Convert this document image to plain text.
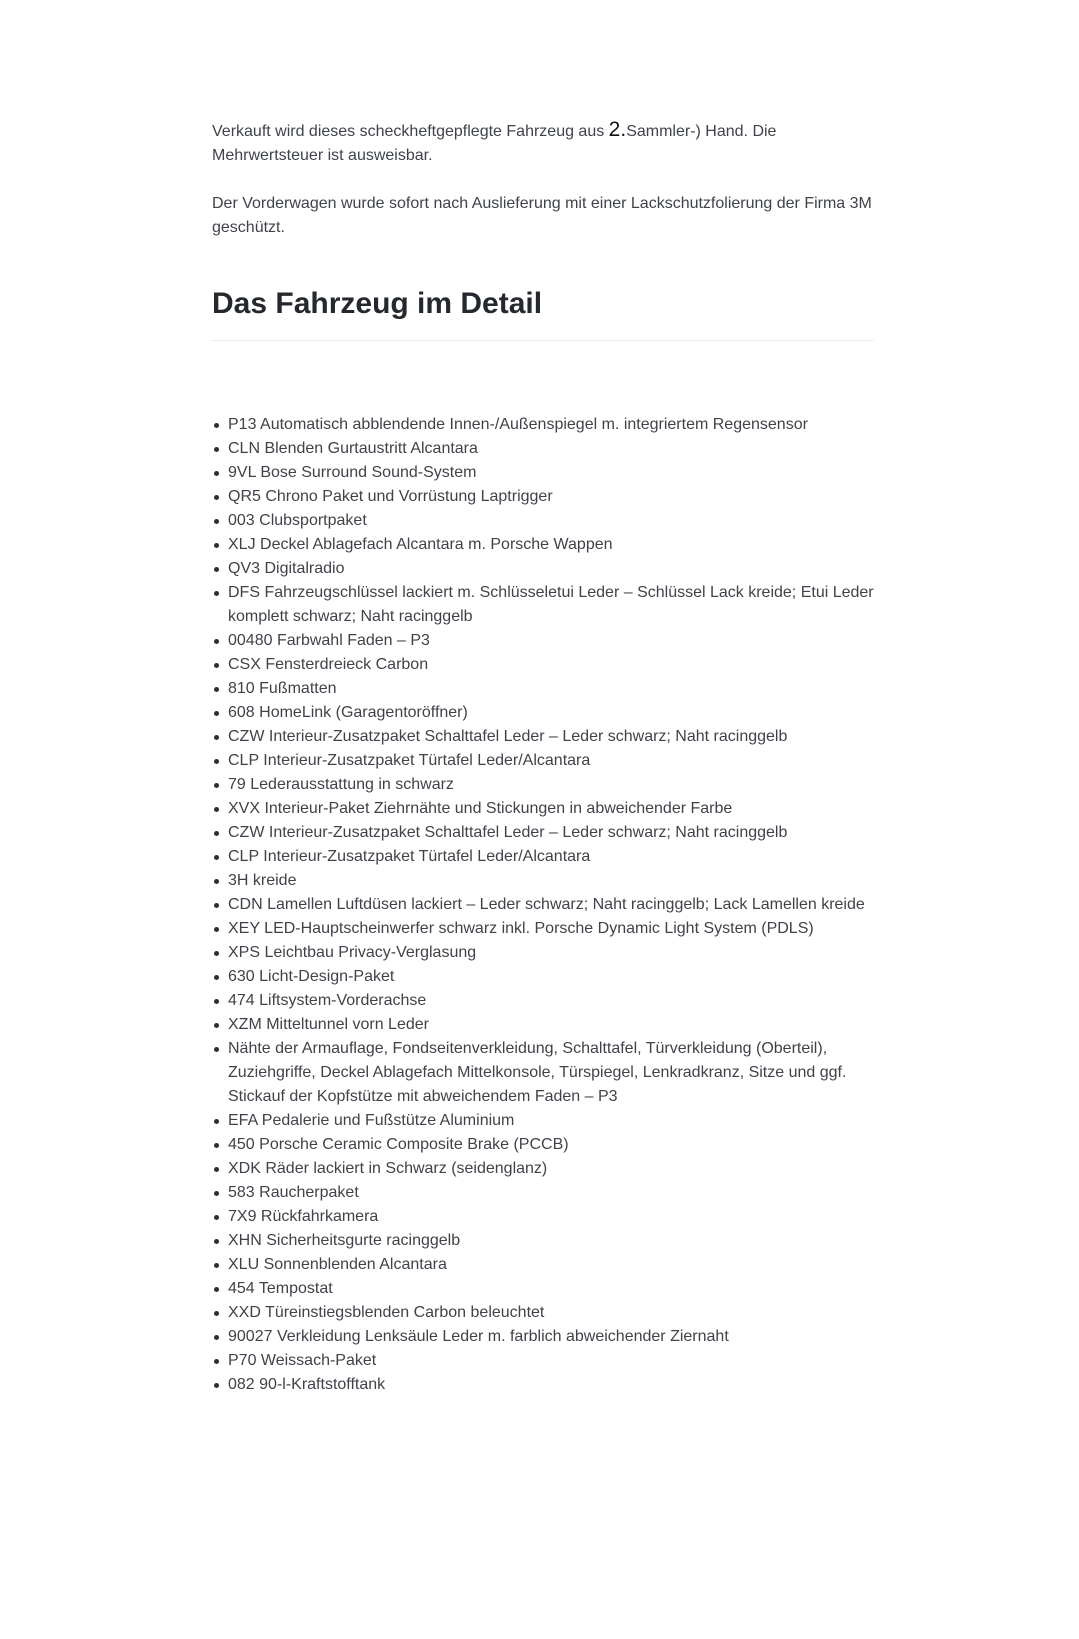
Verkauft wird dieses scheckheftgepflegte Fahrzeug aus 2.Sammler-) Hand. Die Mehrwertsteuer ist ausweisbar.

Der Vorderwagen wurde sofort nach Auslieferung mit einer Lackschutzfolierung der Firma 3M geschützt.

Das Fahrzeug im Detail
P13 Automatisch abblendende Innen-/Außenspiegel m. integriertem Regensensor
CLN Blenden Gurtaustritt Alcantara
9VL Bose Surround Sound-System
QR5 Chrono Paket und Vorrüstung Laptrigger
003 Clubsportpaket
XLJ Deckel Ablagefach Alcantara m. Porsche Wappen
QV3 Digitalradio
DFS Fahrzeugschlüssel lackiert m. Schlüsseletui Leder – Schlüssel Lack kreide; Etui Leder komplett schwarz; Naht racinggelb
00480 Farbwahl Faden – P3
CSX Fensterdreieck Carbon
810 Fußmatten
608 HomeLink (Garagentoröffner)
CZW Interieur-Zusatzpaket Schalttafel Leder – Leder schwarz; Naht racinggelb
CLP Interieur-Zusatzpaket Türtafel Leder/Alcantara
79 Lederausstattung in schwarz
XVX Interieur-Paket Ziehrnähte und Stickungen in abweichender Farbe
CZW Interieur-Zusatzpaket Schalttafel Leder – Leder schwarz; Naht racinggelb
CLP Interieur-Zusatzpaket Türtafel Leder/Alcantara
3H kreide
CDN Lamellen Luftdüsen lackiert – Leder schwarz; Naht racinggelb; Lack Lamellen kreide
XEY LED-Hauptscheinwerfer schwarz inkl. Porsche Dynamic Light System (PDLS)
XPS Leichtbau Privacy-Verglasung
630 Licht-Design-Paket
474 Liftsystem-Vorderachse
XZM Mitteltunnel vorn Leder
Nähte der Armauflage, Fondseitenverkleidung, Schalttafel, Türverkleidung (Oberteil), Zuziehgriffe, Deckel Ablagefach Mittelkonsole, Türspiegel, Lenkradkranz, Sitze und ggf. Stickauf der Kopfstütze mit abweichendem Faden – P3
EFA Pedalerie und Fußstütze Aluminium
450 Porsche Ceramic Composite Brake (PCCB)
XDK Räder lackiert in Schwarz (seidenglanz)
583 Raucherpaket
7X9 Rückfahrkamera
XHN Sicherheitsgurte racinggelb
XLU Sonnenblenden Alcantara
454 Tempostat
XXD Türeinstiegsblenden Carbon beleuchtet
90027 Verkleidung Lenksäule Leder m. farblich abweichender Ziernaht
P70 Weissach-Paket
082 90-l-Kraftstofftank
